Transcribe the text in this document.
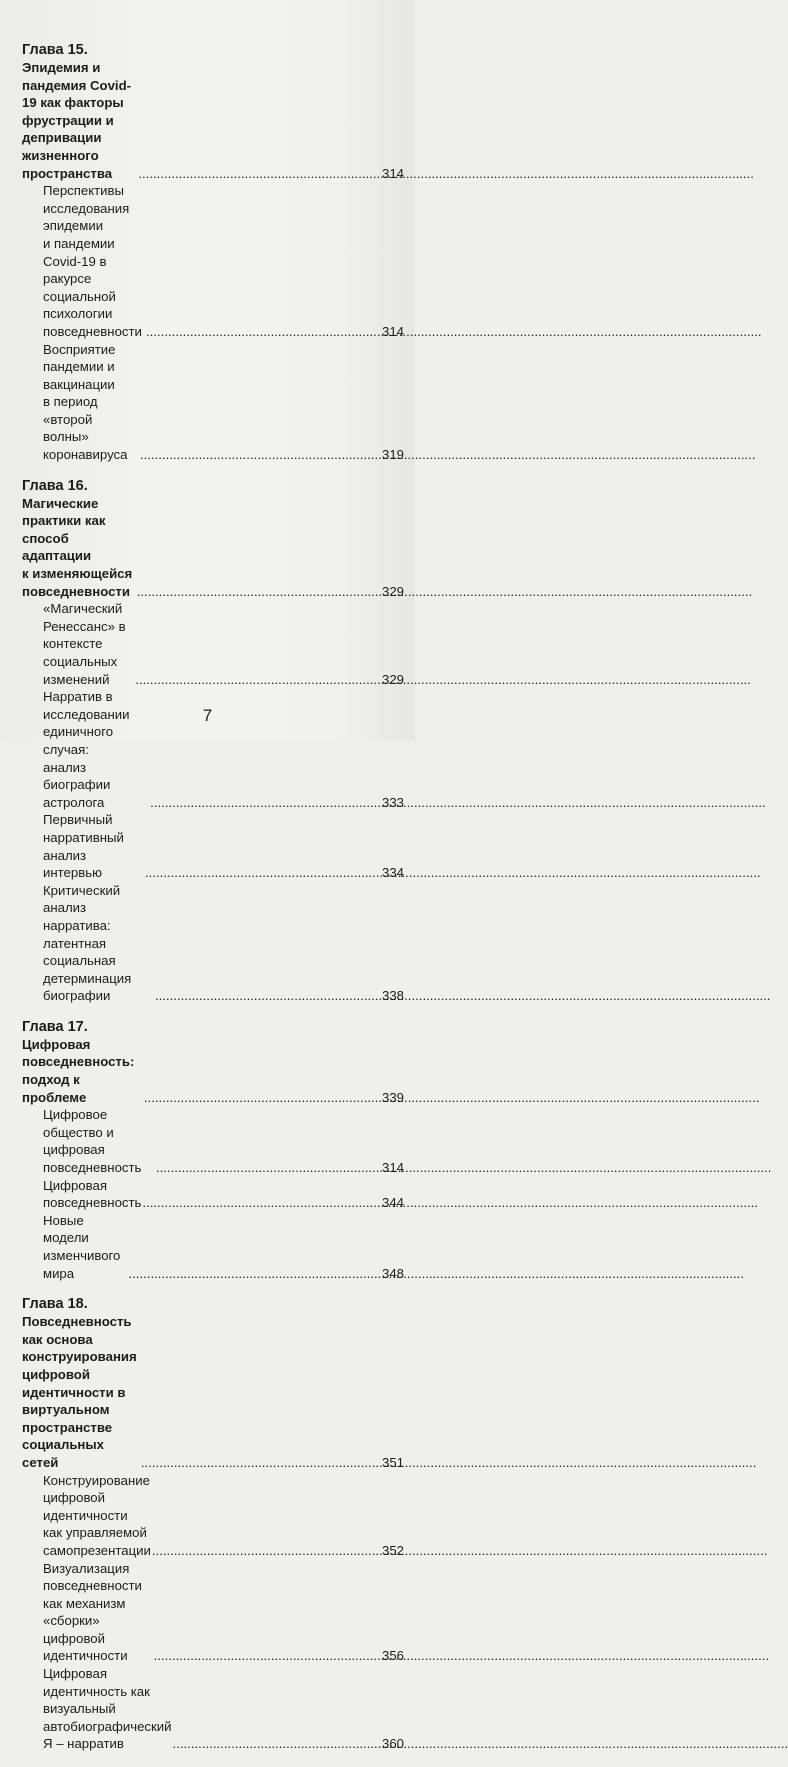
Глава 15.
Эпидемия и пандемия Covid-19 как факторы
фрустрации и депривации жизненного
пространства .....	314
Перспективы исследования эпидемии
и пандемии Covid-19 в ракурсе социальной
психологии повседневности .....	314
Восприятие пандемии и вакцинации
в период «второй волны» коронавируса .....	319
Глава 16.
Магические практики как способ адаптации
к изменяющейся повседневности .....	329
«Магический Ренессанс» в контексте
социальных изменений .....	329
Нарратив в исследовании единичного случая:
анализ биографии астролога .....	333
Первичный нарративный анализ интервью .....	334
Критический анализ нарратива:
латентная социальная детерминация биографии .....	338
Глава 17.
Цифровая повседневность: подход к проблеме .....	339
Цифровое общество и цифровая повседневность .....	314
Цифровая повседневность .....	344
Новые модели изменчивого мира .....	348
Глава 18.
Повседневность как основа конструирования
цифровой идентичности в виртуальном
пространстве социальных сетей .....	351
Конструирование цифровой идентичности
как управляемой самопрезентации .....	352
Визуализация повседневности
как механизм «сборки» цифровой идентичности .....	356
Цифровая идентичность как визуальный
автобиографический Я – нарратив .....	360
7
